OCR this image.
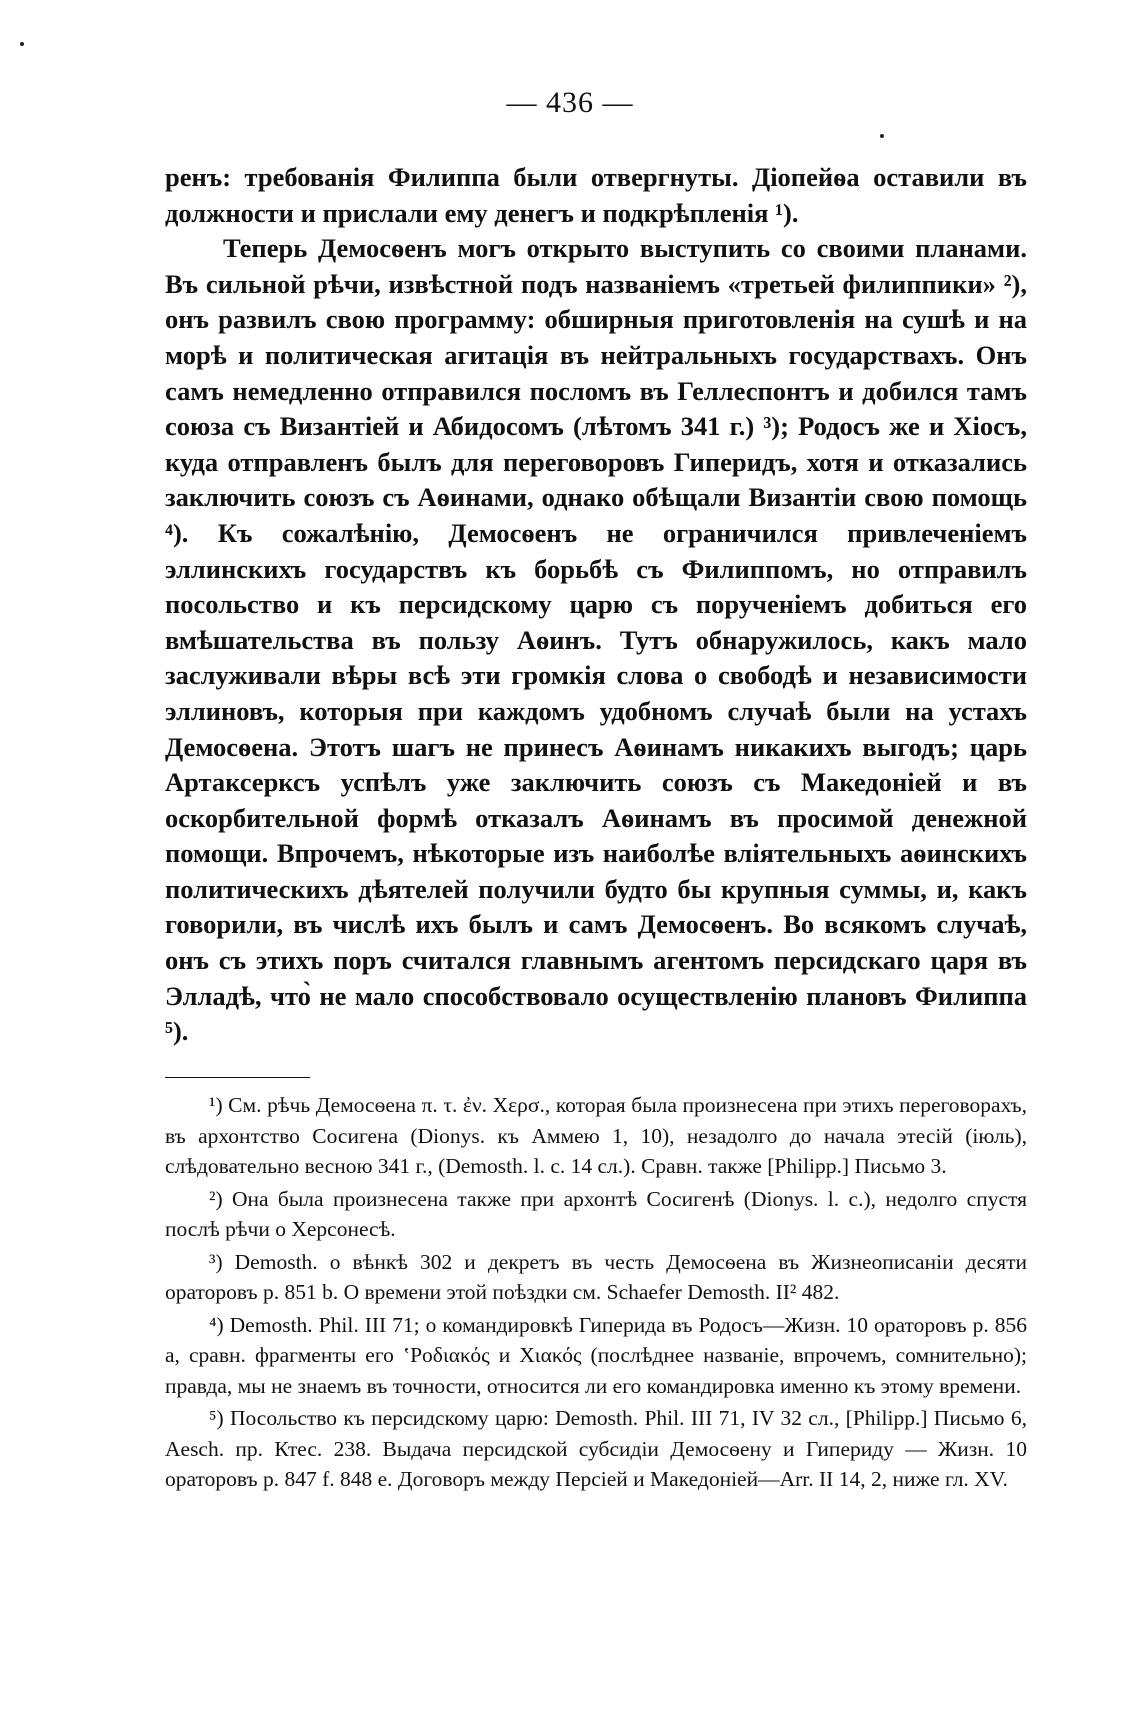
— 436 —

ренъ: требованія Филиппа были отвергнуты. Діопейѳа оставили въ должности и прислали ему денегъ и подкрѣпленія ¹).

Теперь Демосѳенъ могъ открыто выступить со своими планами. Въ сильной рѣчи, извѣстной подъ названіемъ «третьей филиппики» ²), онъ развилъ свою программу: обширныя приготовленія на сушѣ и на морѣ и политическая агитація въ нейтральныхъ государствахъ. Онъ самъ немедленно отправился посломъ въ Геллеспонтъ и добился тамъ союза съ Византіей и Абидосомъ (лѣтомъ 341 г.) ³); Родосъ же и Хіосъ, куда отправленъ былъ для переговоровъ Гиперидъ, хотя и отказались заключить союзъ съ Аѳинами, однако обѣщали Византіи свою помощь ⁴). Къ сожалѣнію, Демосѳенъ не ограничился привлеченіемъ эллинскихъ государствъ къ борьбѣ съ Филиппомъ, но отправилъ посольство и къ персидскому царю съ порученіемъ добиться его вмѣшательства въ пользу Аѳинъ. Тутъ обнаружилось, какъ мало заслуживали вѣры всѣ эти громкія слова о свободѣ и независимости эллиновъ, которыя при каждомъ удобномъ случаѣ были на устахъ Демосѳена. Этотъ шагъ не принесъ Аѳинамъ никакихъ выгодъ; царь Артаксерксъ успѣлъ уже заключить союзъ съ Македоніей и въ оскорбительной формѣ отказалъ Аѳинамъ въ просимой денежной помощи. Впрочемъ, нѣкоторые изъ наиболѣе вліятельныхъ аѳинскихъ политическихъ дѣятелей получили будто бы крупныя суммы, и, какъ говорили, въ числѣ ихъ былъ и самъ Демосѳенъ. Во всякомъ случаѣ, онъ съ этихъ поръ считался главнымъ агентомъ персидскаго царя въ Элладѣ, что̀ не мало способствовало осуществленію плановъ Филиппа ⁵).

¹) См. рѣчь Демосѳена π. τ. ἐν. Χερσ., которая была произнесена при этихъ переговорахъ, въ архонтство Сосигена (Dionys. къ Аммею 1, 10), незадолго до начала этесій (іюль), слѣдовательно весною 341 г., (Demosth. l. c. 14 сл.). Сравн. также [Philipp.] Письмо 3.

²) Она была произнесена также при архонтѣ Сосигенѣ (Dionys. l. c.), недолго спустя послѣ рѣчи о Херсонесѣ.

³) Demosth. о вѣнкѣ 302 и декретъ въ честь Демосѳена въ Жизнеописаніи десяти ораторовъ p. 851 b. О времени этой поѣздки см. Schaefer Demosth. II² 482.

⁴) Demosth. Phil. III 71; о командировкѣ Гиперида въ Родосъ—Жизн. 10 ораторовъ p. 856 a, сравн. фрагменты его ʽΡοδιακός и Χιακός (послѣднее названіе, впрочемъ, сомнительно); правда, мы не знаемъ въ точности, относится ли его командировка именно къ этому времени.

⁵) Посольство къ персидскому царю: Demosth. Phil. III 71, IV 32 сл., [Philipp.] Письмо 6, Aesch. пр. Ктес. 238. Выдача персидской субсидіи Демосѳену и Гипериду — Жизн. 10 ораторовъ p. 847 f. 848 e. Договоръ между Персіей и Македоніей—Arr. II 14, 2, ниже гл. XV.
